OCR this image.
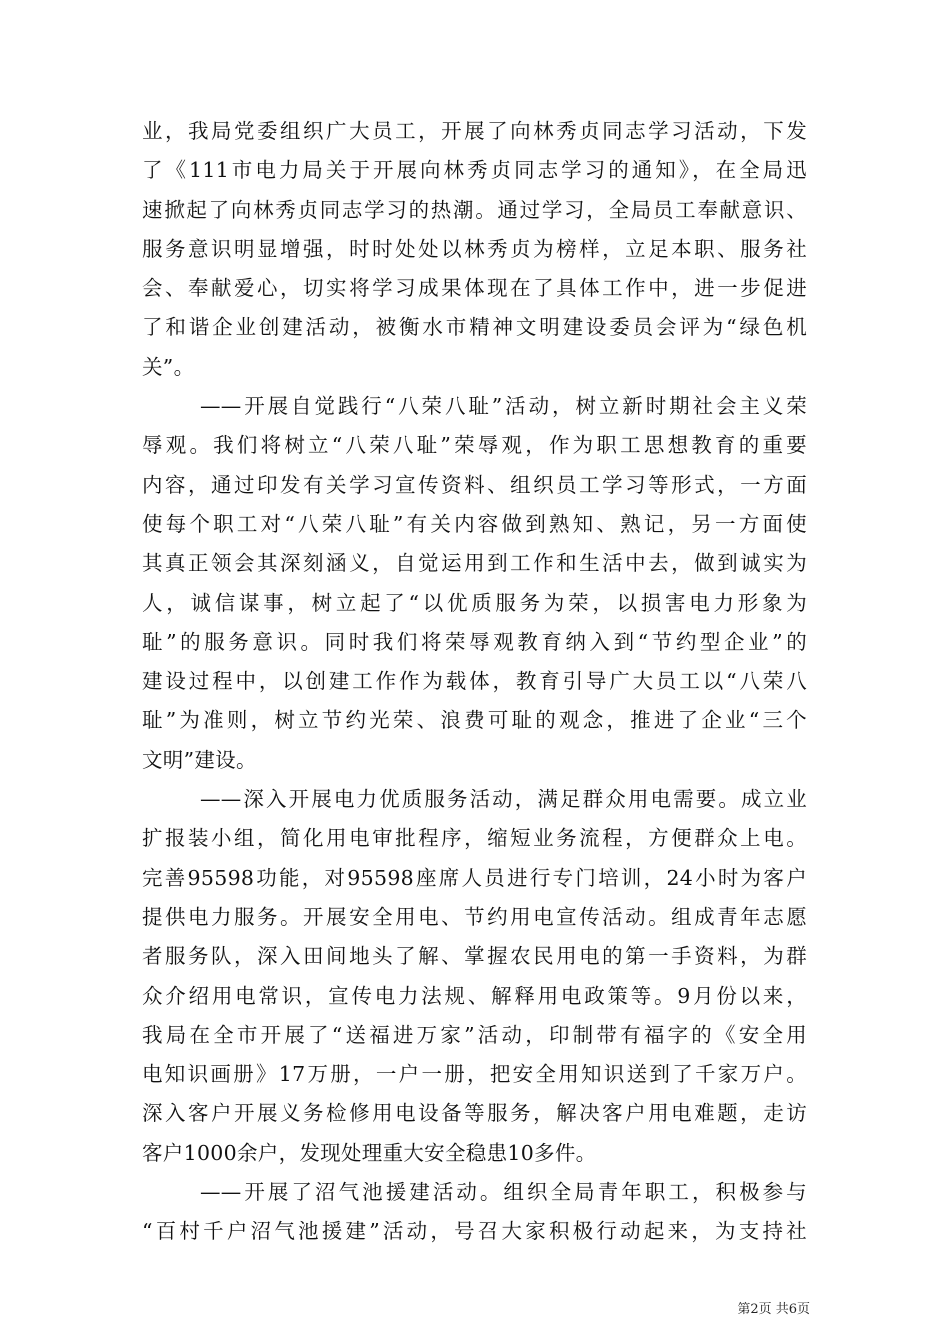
业，我局党委组织广大员工，开展了向林秀贞同志学习活动，下发
了《111市电力局关于开展向林秀贞同志学习的通知》，在全局迅
速掀起了向林秀贞同志学习的热潮。通过学习，全局员工奉献意识、
服务意识明显增强，时时处处以林秀贞为榜样，立足本职、服务社
会、奉献爱心，切实将学习成果体现在了具体工作中，进一步促进
了和谐企业创建活动，被衡水市精神文明建设委员会评为“绿色机
关”。
——开展自觉践行“八荣八耻”活动，树立新时期社会主义荣
辱观。我们将树立“八荣八耻”荣辱观，作为职工思想教育的重要
内容，通过印发有关学习宣传资料、组织员工学习等形式，一方面
使每个职工对“八荣八耻”有关内容做到熟知、熟记，另一方面使
其真正领会其深刻涵义，自觉运用到工作和生活中去，做到诚实为
人，诚信谋事，树立起了“以优质服务为荣，以损害电力形象为
耻”的服务意识。同时我们将荣辱观教育纳入到“节约型企业”的
建设过程中，以创建工作作为载体，教育引导广大员工以“八荣八
耻”为准则，树立节约光荣、浪费可耻的观念，推进了企业“三个
文明”建设。
——深入开展电力优质服务活动，满足群众用电需要。成立业
扩报装小组，简化用电审批程序，缩短业务流程，方便群众上电。
完善95598功能，对95598座席人员进行专门培训，24小时为客户
提供电力服务。开展安全用电、节约用电宣传活动。组成青年志愿
者服务队，深入田间地头了解、掌握农民用电的第一手资料，为群
众介绍用电常识，宣传电力法规、解释用电政策等。9月份以来，
我局在全市开展了“送福进万家”活动，印制带有福字的《安全用
电知识画册》17万册，一户一册，把安全用知识送到了千家万户。
深入客户开展义务检修用电设备等服务，解决客户用电难题，走访
客户1000余户，发现处理重大安全稳患10多件。
——开展了沼气池援建活动。组织全局青年职工，积极参与
“百村千户沼气池援建”活动，号召大家积极行动起来，为支持社
第2页 共6页
